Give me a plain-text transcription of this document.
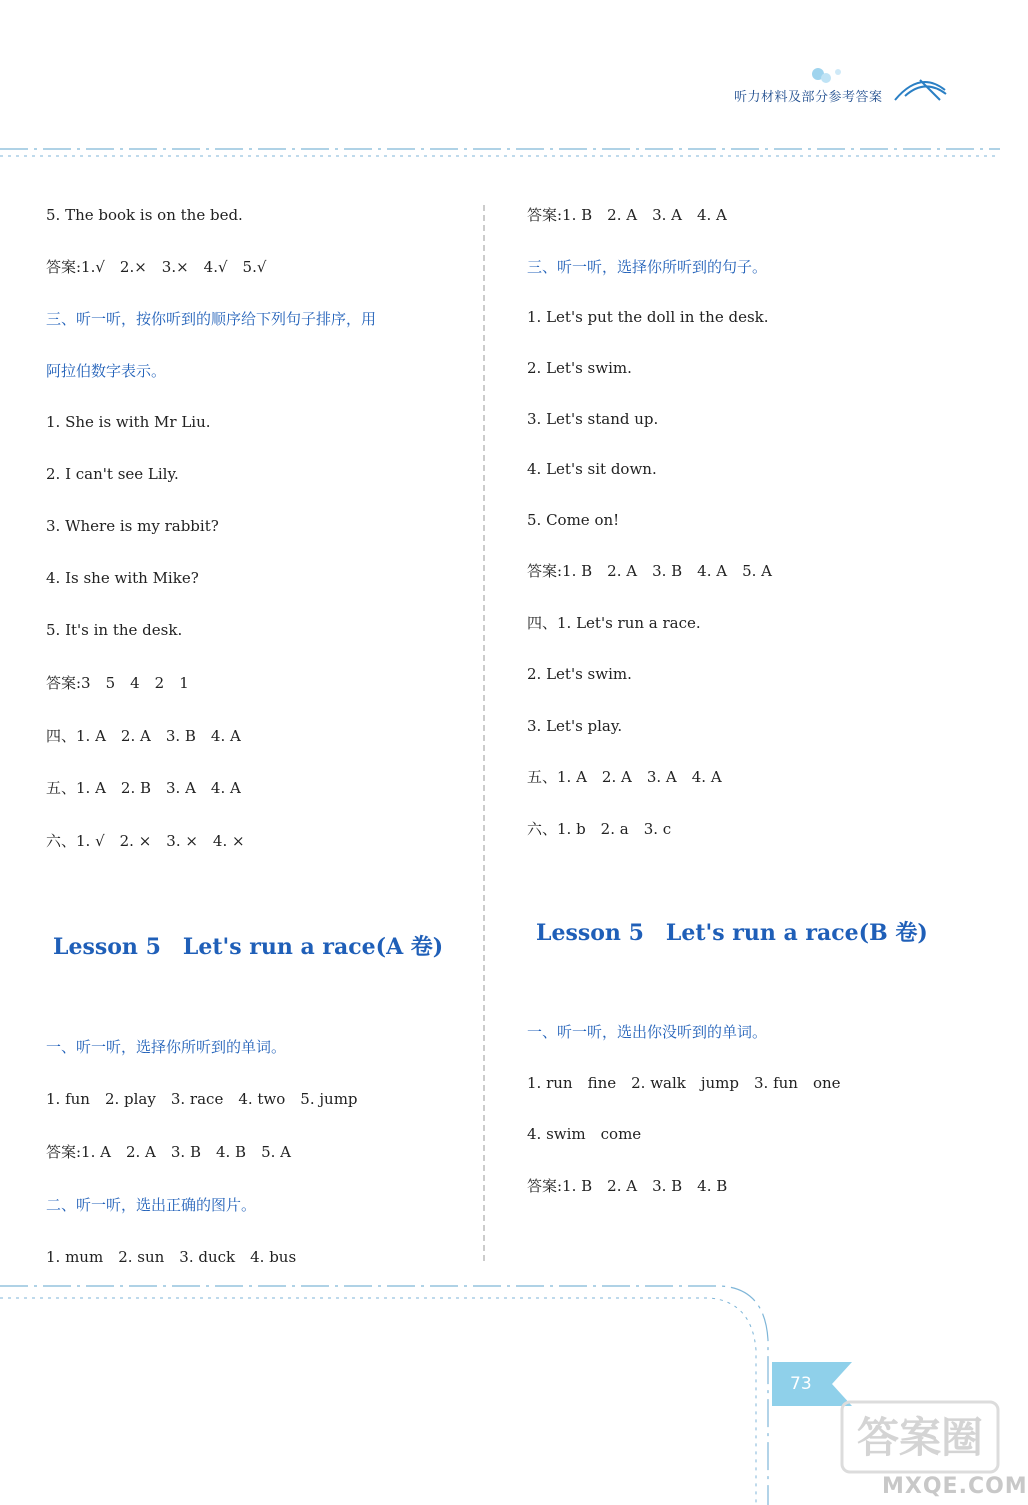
听力材料及部分参考答案
5. The book is on the bed.
答案:1.√　2.×　3.×　4.√　5.√
三、听一听，按你听到的顺序给下列句子排序，用
阿拉伯数字表示。
1. She is with Mr Liu.
2. I can't see Lily.
3. Where is my rabbit?
4. Is she with Mike?
5. It's in the desk.
答案:3　5　4　2　1
四、1. A　2. A　3. B　4. A
五、1. A　2. B　3. A　4. A
六、1. √　2. ×　3. ×　4. ×
Lesson 5　Let's run a race(A 卷)
一、听一听，选择你所听到的单词。
1. fun　2. play　3. race　4. two　5. jump
答案:1. A　2. A　3. B　4. B　5. A
二、听一听，选出正确的图片。
1. mum　2. sun　3. duck　4. bus
答案:1. B　2. A　3. A　4. A
三、听一听，选择你所听到的句子。
1. Let's put the doll in the desk.
2. Let's swim.
3. Let's stand up.
4. Let's sit down.
5. Come on!
答案:1. B　2. A　3. B　4. A　5. A
四、1. Let's run a race.
2. Let's swim.
3. Let's play.
五、1. A　2. A　3. A　4. A
六、1. b　2. a　3. c
Lesson 5　Let's run a race(B 卷)
一、听一听，选出你没听到的单词。
1. run　fine　2. walk　jump　3. fun　one
4. swim　come
答案:1. B　2. A　3. B　4. B
73
答案圈
MXQE.COM
